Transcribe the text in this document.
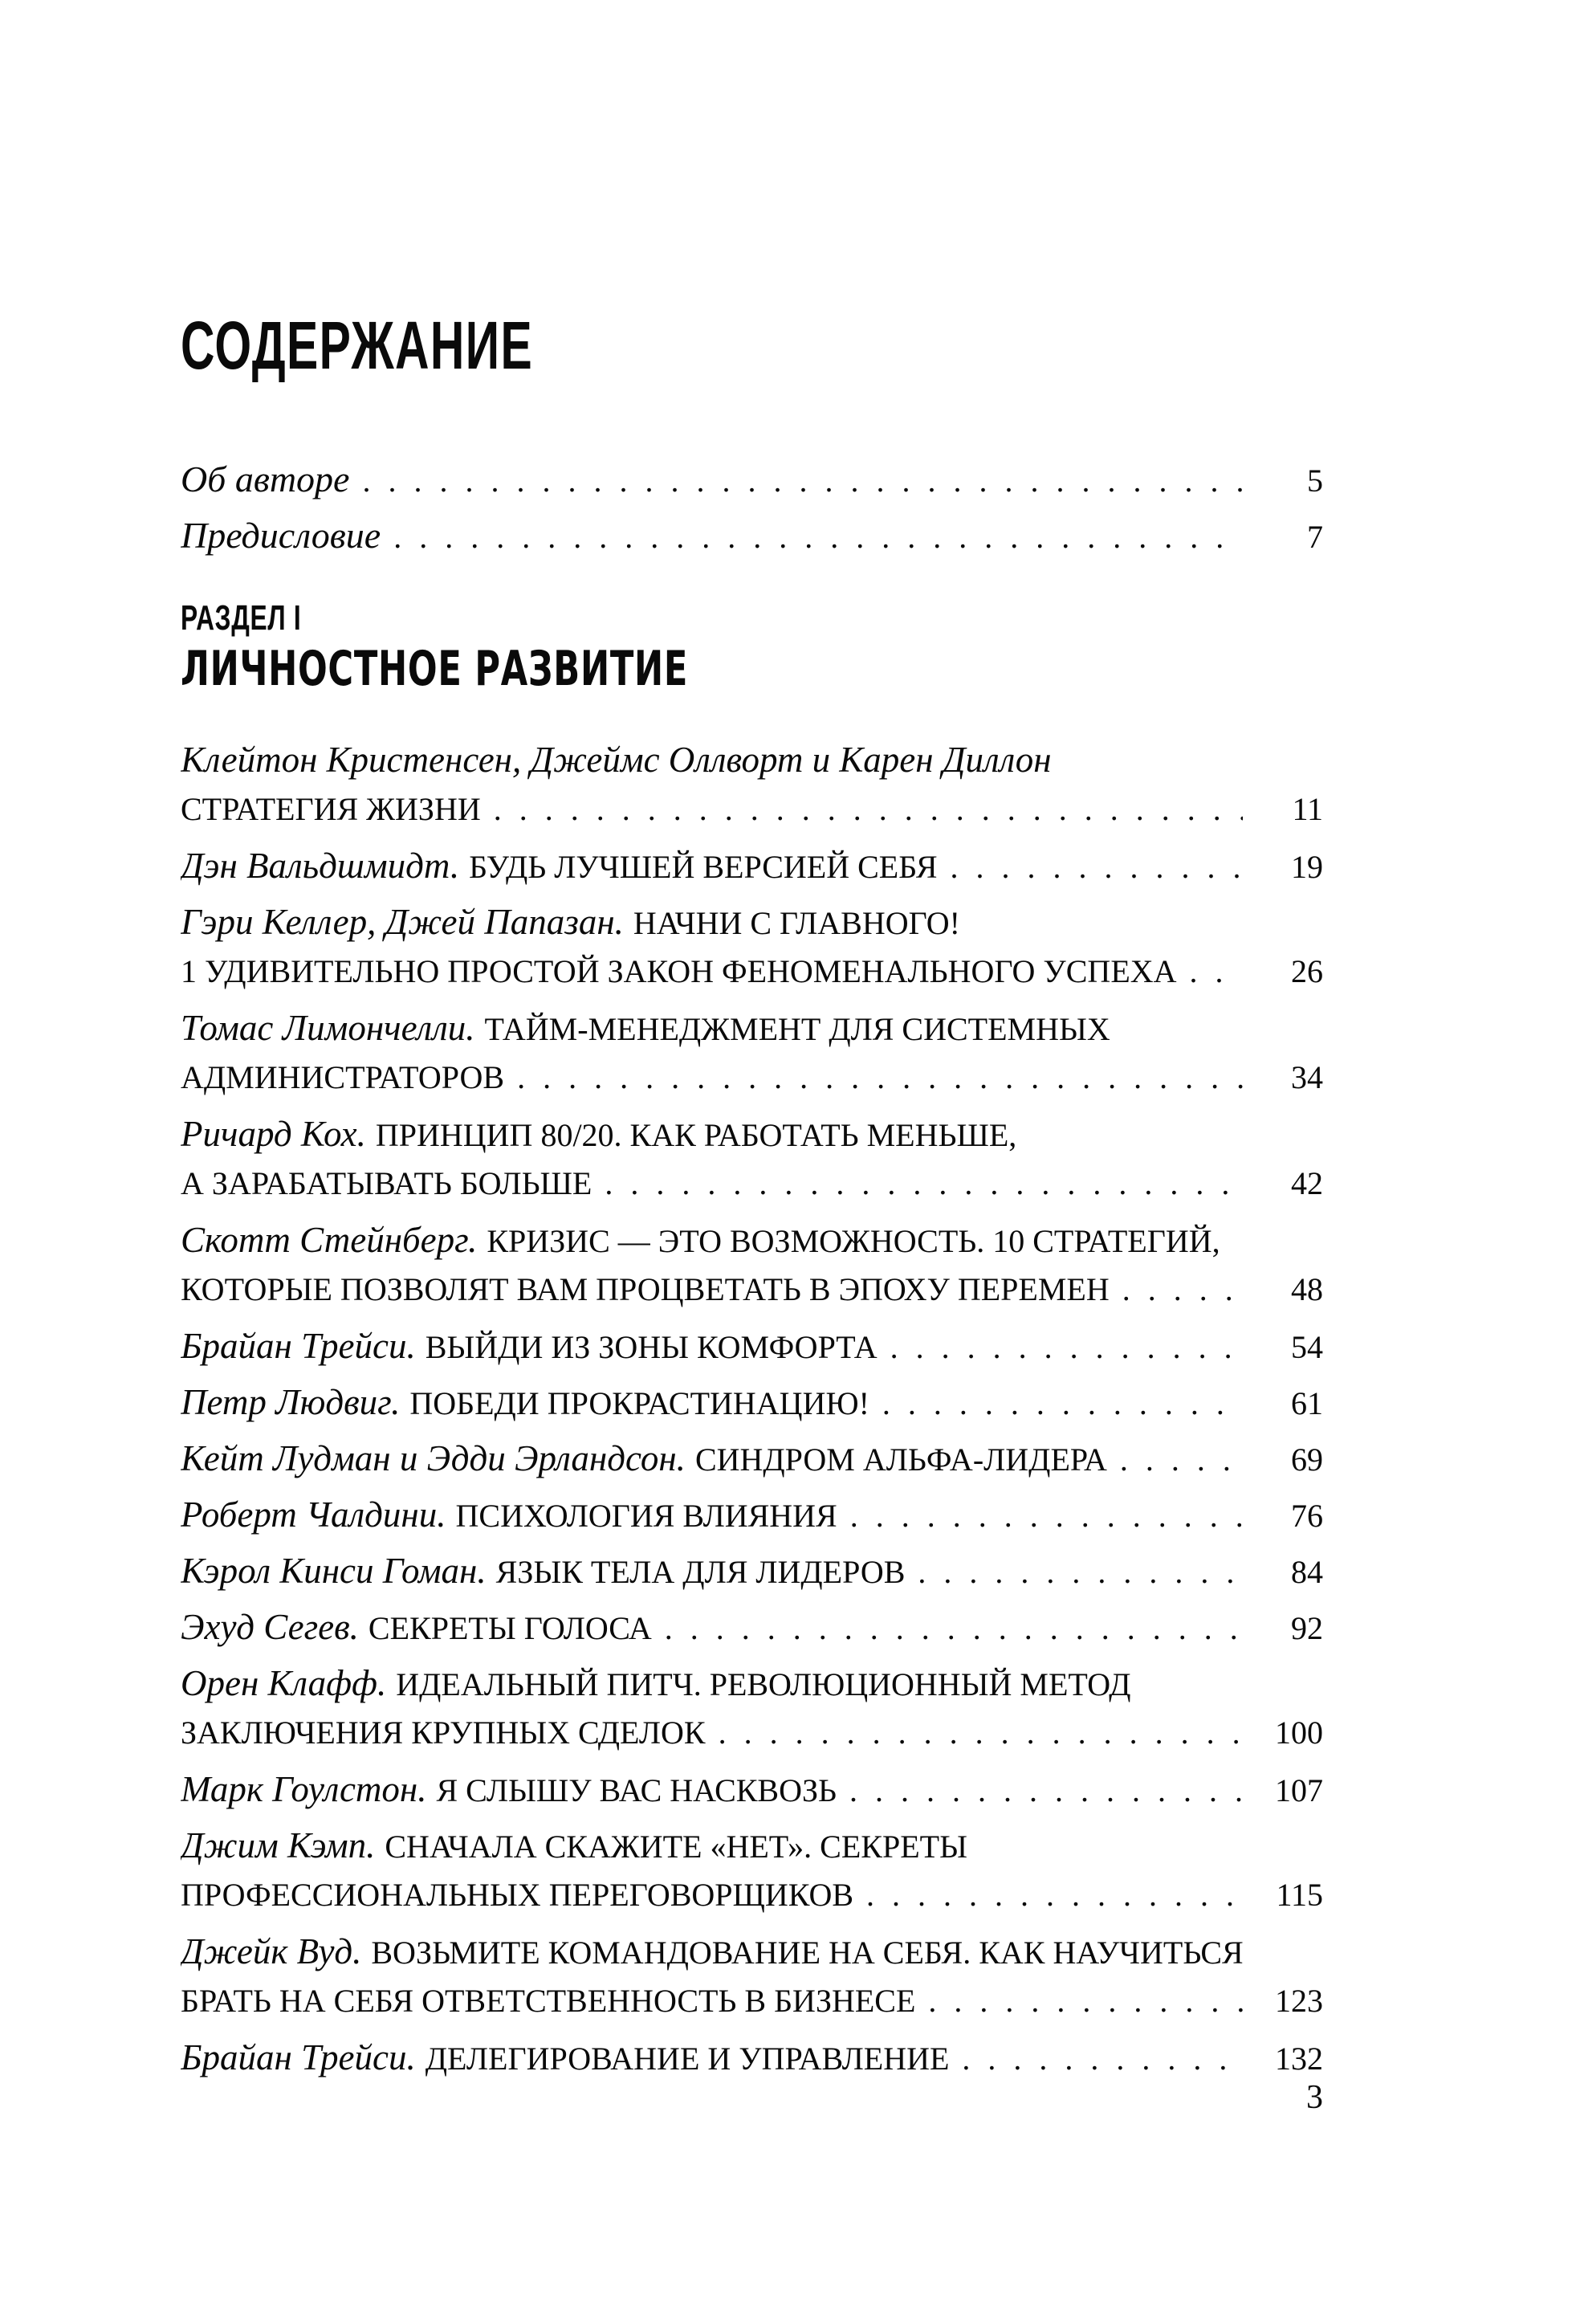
СОДЕРЖАНИЕ
Об авторе . . .	5
Предисловие . . .	7
РАЗДЕЛ I
ЛИЧНОСТНОЕ РАЗВИТИЕ
Клейтон Кристенсен, Джеймс Оллворт и Карен Диллон
СТРАТЕГИЯ ЖИЗНИ . . .	11
Дэн Вальдшмидт. БУДЬ ЛУЧШЕЙ ВЕРСИЕЙ СЕБЯ . . .	19
Гэри Келлер, Джей Папазан. НАЧНИ С ГЛАВНОГО!
1 УДИВИТЕЛЬНО ПРОСТОЙ ЗАКОН ФЕНОМЕНАЛЬНОГО УСПЕХА . . .	26
Томас Лимончелли. ТАЙМ-МЕНЕДЖМЕНТ ДЛЯ СИСТЕМНЫХ
АДМИНИСТРАТОРОВ . . .	34
Ричард Кох. ПРИНЦИП 80/20. КАК РАБОТАТЬ МЕНЬШЕ,
А ЗАРАБАТЫВАТЬ БОЛЬШЕ . . .	42
Скотт Стейнберг. КРИЗИС — ЭТО ВОЗМОЖНОСТЬ. 10 СТРАТЕГИЙ,
КОТОРЫЕ ПОЗВОЛЯТ ВАМ ПРОЦВЕТАТЬ В ЭПОХУ ПЕРЕМЕН . . .	48
Брайан Трейси. ВЫЙДИ ИЗ ЗОНЫ КОМФОРТА . . .	54
Петр Людвиг. ПОБЕДИ ПРОКРАСТИНАЦИЮ! . . .	61
Кейт Лудман и Эдди Эрландсон. СИНДРОМ АЛЬФА-ЛИДЕРА . . .	69
Роберт Чалдини. ПСИХОЛОГИЯ ВЛИЯНИЯ . . .	76
Кэрол Кинси Гоман. ЯЗЫК ТЕЛА ДЛЯ ЛИДЕРОВ . . .	84
Эхуд Сегев. СЕКРЕТЫ ГОЛОСА . . .	92
Орен Клафф. ИДЕАЛЬНЫЙ ПИТЧ. РЕВОЛЮЦИОННЫЙ МЕТОД
ЗАКЛЮЧЕНИЯ КРУПНЫХ СДЕЛОК . . .	100
Марк Гоулстон. Я СЛЫШУ ВАС НАСКВОЗЬ . . .	107
Джим Кэмп. СНАЧАЛА СКАЖИТЕ «НЕТ». СЕКРЕТЫ
ПРОФЕССИОНАЛЬНЫХ ПЕРЕГОВОРЩИКОВ . . .	115
Джейк Вуд. ВОЗЬМИТЕ КОМАНДОВАНИЕ НА СЕБЯ. КАК НАУЧИТЬСЯ
БРАТЬ НА СЕБЯ ОТВЕТСТВЕННОСТЬ В БИЗНЕСЕ . . .	123
Брайан Трейси. ДЕЛЕГИРОВАНИЕ И УПРАВЛЕНИЕ . . .	132
3
